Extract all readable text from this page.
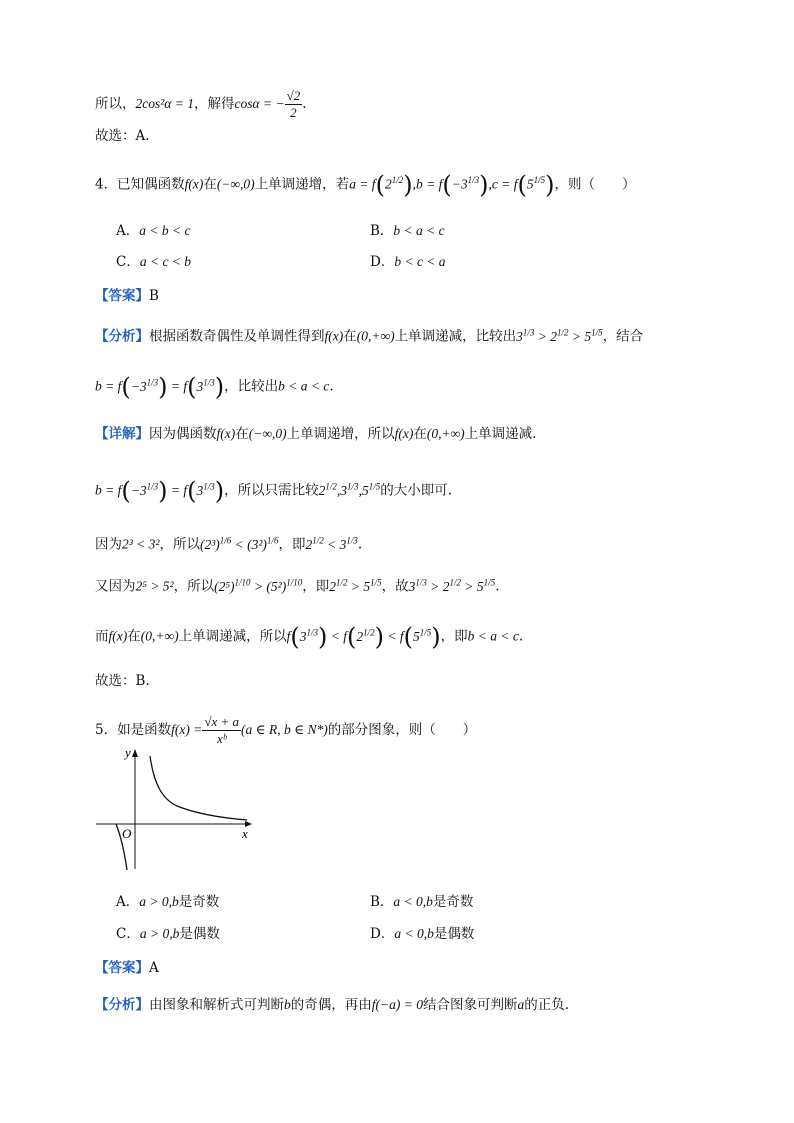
所以，2cos²α = 1，解得cosα = − $\frac{√2}{2}$ .
故选：A.
4．已知偶函数f(x)在(−∞,0)上单调递增，若$a = f(2^{1/2}),b = f(-3^{1/3}),c = f(5^{1/5})$，则（　　）
A．a < b < c	B．b < a < c
C．a < c < b	D．b < c < a
【答案】B
【分析】根据函数奇偶性及单调性得到f(x)在(0,+∞)上单调递减，比较出$3^{1/3} > 2^{1/2} > 5^{1/5}$，结合
$b = f(-3^{1/3}) = f(3^{1/3})$，比较出b < a < c.
【详解】因为偶函数f(x)在(−∞,0)上单调递增，所以f(x)在(0,+∞)上单调递减.
$b = f(-3^{1/3}) = f(3^{1/3})$，所以只需比较$2^{1/2},3^{1/3},5^{1/5}$的大小即可.
因为2³ < 3²，所以$(2^3)^{1/6} < (3^2)^{1/6}$，即$2^{1/2} < 3^{1/3}$.
又因为2⁵ > 5²，所以$(2^5)^{1/10} > (5^2)^{1/10}$，即$2^{1/2} > 5^{1/5}$，故$3^{1/3} > 2^{1/2} > 5^{1/5}$.
而f(x)在(0,+∞)上单调递减，所以$f(3^{1/3}) < f(2^{1/2}) < f(5^{1/5})$，即b < a < c.
故选：B.
5．如是函数$f(x) = \frac{√x + a}{\text{xᵇ}} (a$ ∈ R, b ∈ N*)的部分图象，则（　　）
y
x
O
A．a > 0,b是奇数	B．a < 0,b是奇数
C．a > 0,b是偶数	D．a < 0,b是偶数
【答案】A
【分析】由图象和解析式可判断b的奇偶，再由f(−a) = 0结合图象可判断a的正负.
